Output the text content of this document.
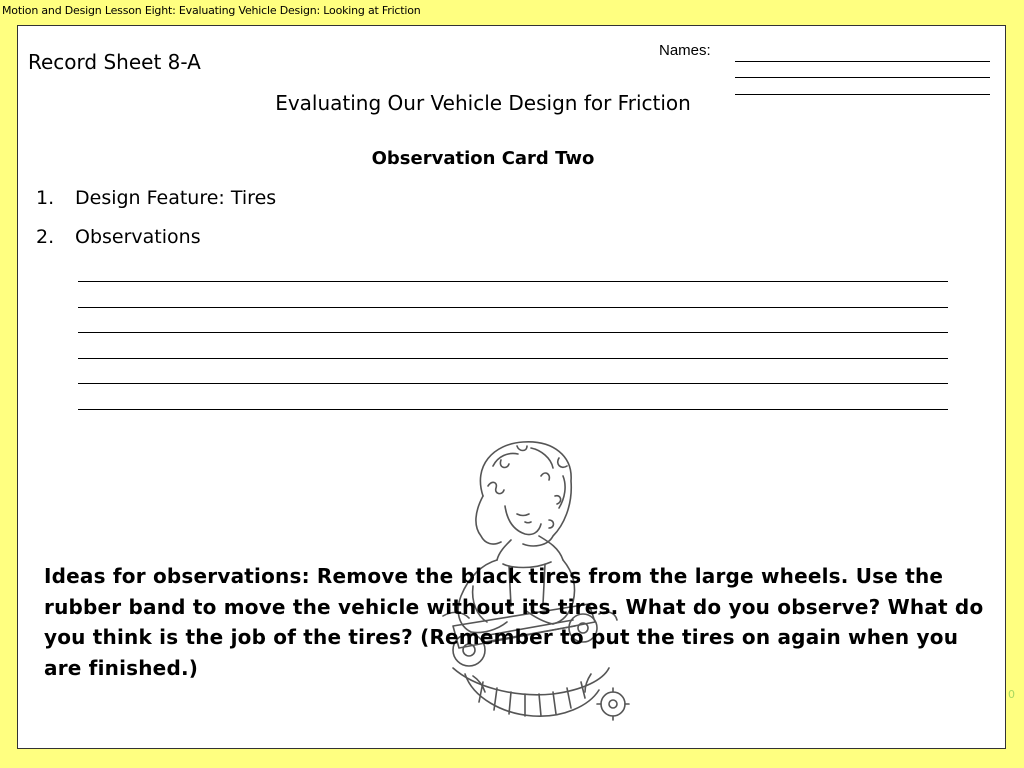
Motion and Design Lesson Eight: Evaluating Vehicle Design: Looking at Friction
Record Sheet 8-A	Names:
Evaluating Our Vehicle Design for Friction
Observation Card Two
1. Design Feature: Tires
2. Observations
Ideas for observations: Remove the black tires from the large wheels. Use the rubber band to move the vehicle without its tires. What do you observe? What do you think is the job of the tires? (Remember to put the tires on again when you are finished.)
0
